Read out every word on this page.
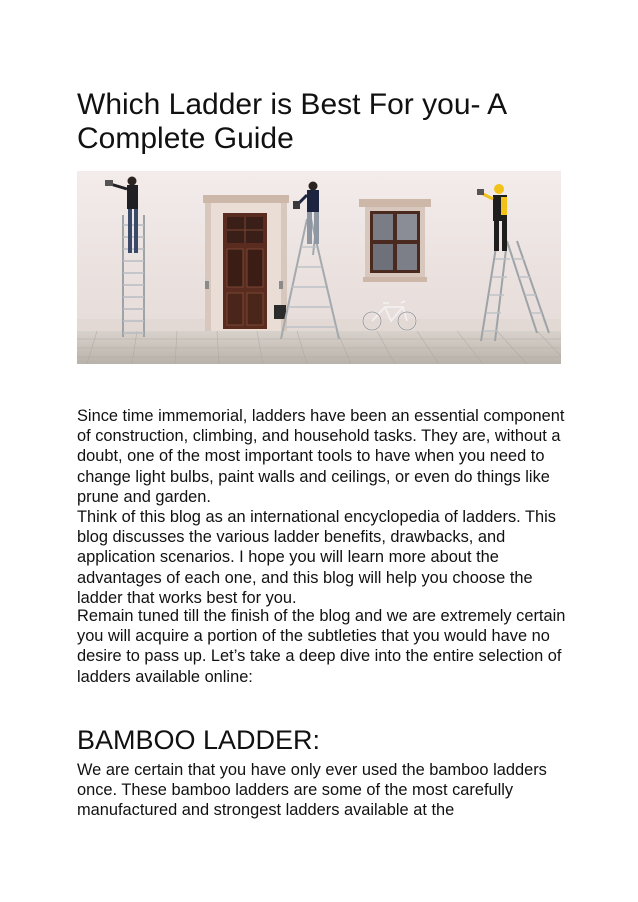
Which Ladder is Best For you- A Complete Guide

Since time immemorial, ladders have been an essential component of construction, climbing, and household tasks. They are, without a doubt, one of the most important tools to have when you need to change light bulbs, paint walls and ceilings, or even do things like prune and garden.

Think of this blog as an international encyclopedia of ladders. This blog discusses the various ladder benefits, drawbacks, and application scenarios. I hope you will learn more about the advantages of each one, and this blog will help you choose the ladder that works best for you.

Remain tuned till the finish of the blog and we are extremely certain you will acquire a portion of the subtleties that you would have no desire to pass up. Let’s take a deep dive into the entire selection of ladders available online:

BAMBOO LADDER:

We are certain that you have only ever used the bamboo ladders once. These bamboo ladders are some of the most carefully manufactured and strongest ladders available at the
